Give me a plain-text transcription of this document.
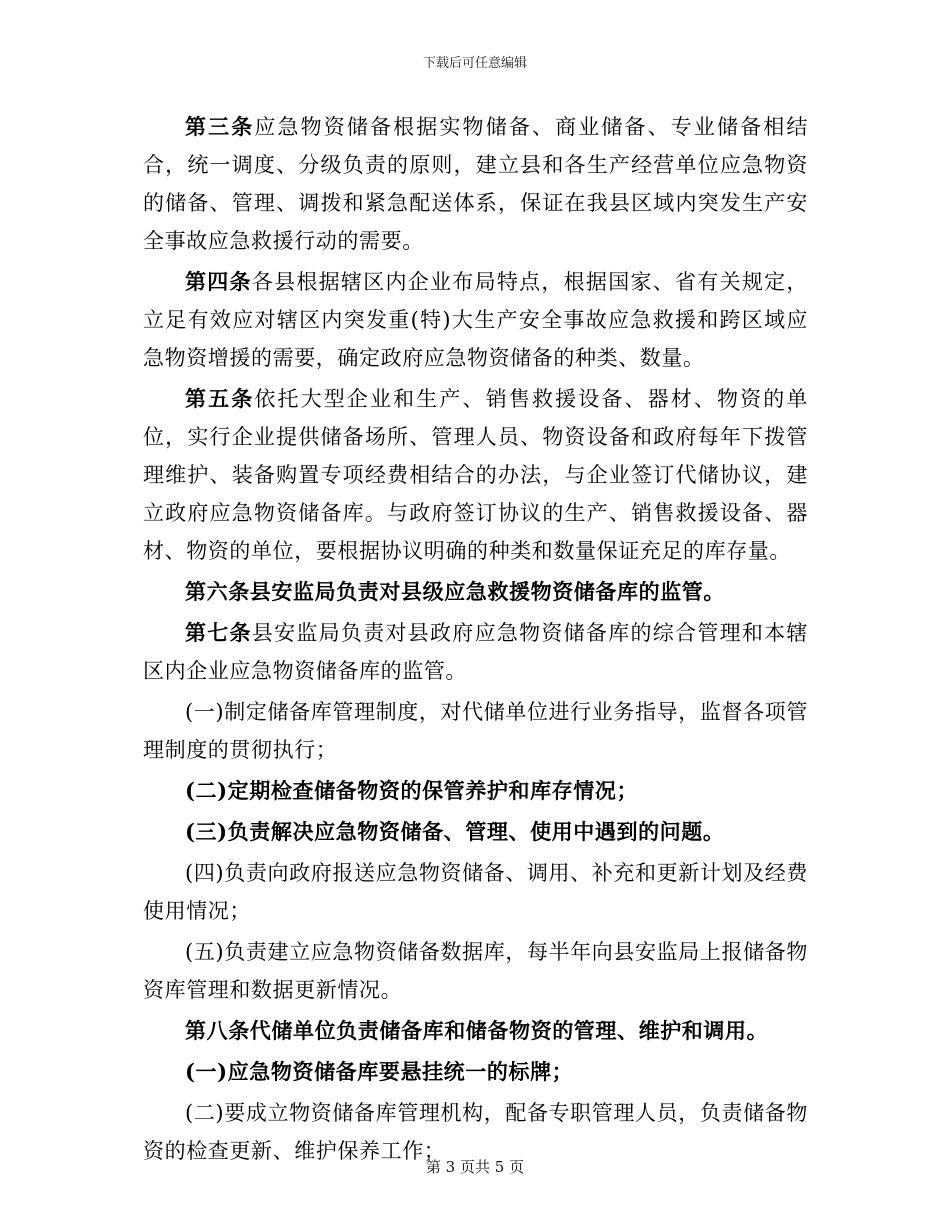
下载后可任意编辑

第三条应急物资储备根据实物储备、商业储备、专业储备相结合，统一调度、分级负责的原则，建立县和各生产经营单位应急物资的储备、管理、调拨和紧急配送体系，保证在我县区域内突发生产安全事故应急救援行动的需要。

第四条各县根据辖区内企业布局特点，根据国家、省有关规定，立足有效应对辖区内突发重(特)大生产安全事故应急救援和跨区域应急物资增援的需要，确定政府应急物资储备的种类、数量。

第五条依托大型企业和生产、销售救援设备、器材、物资的单位，实行企业提供储备场所、管理人员、物资设备和政府每年下拨管理维护、装备购置专项经费相结合的办法，与企业签订代储协议，建立政府应急物资储备库。与政府签订协议的生产、销售救援设备、器材、物资的单位，要根据协议明确的种类和数量保证充足的库存量。

第六条县安监局负责对县级应急救援物资储备库的监管。

第七条县安监局负责对县政府应急物资储备库的综合管理和本辖区内企业应急物资储备库的监管。

(一)制定储备库管理制度，对代储单位进行业务指导，监督各项管理制度的贯彻执行；

(二)定期检查储备物资的保管养护和库存情况；

(三)负责解决应急物资储备、管理、使用中遇到的问题。

(四)负责向政府报送应急物资储备、调用、补充和更新计划及经费使用情况；

(五)负责建立应急物资储备数据库，每半年向县安监局上报储备物资库管理和数据更新情况。

第八条代储单位负责储备库和储备物资的管理、维护和调用。

(一)应急物资储备库要悬挂统一的标牌；

(二)要成立物资储备库管理机构，配备专职管理人员，负责储备物资的检查更新、维护保养工作；

第 3 页共 5 页
